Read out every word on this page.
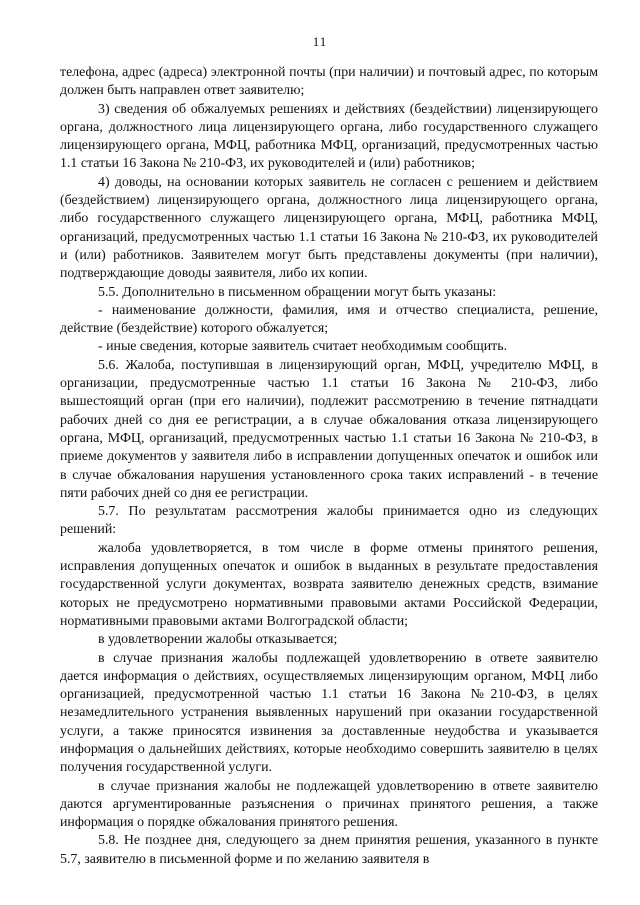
11

телефона, адрес (адреса) электронной почты (при наличии) и почтовый адрес, по которым должен быть направлен ответ заявителю;

3) сведения об обжалуемых решениях и действиях (бездействии) лицензирующего органа, должностного лица лицензирующего органа, либо государственного служащего лицензирующего органа, МФЦ, работника МФЦ, организаций, предусмотренных частью 1.1 статьи 16 Закона № 210-ФЗ, их руководителей и (или) работников;

4) доводы, на основании которых заявитель не согласен с решением и действием (бездействием) лицензирующего органа, должностного лица лицензирующего органа, либо государственного служащего лицензирующего органа, МФЦ, работника МФЦ, организаций, предусмотренных частью 1.1 статьи 16 Закона № 210-ФЗ, их руководителей и (или) работников. Заявителем могут быть представлены документы (при наличии), подтверждающие доводы заявителя, либо их копии.

5.5. Дополнительно в письменном обращении могут быть указаны:

- наименование должности, фамилия, имя и отчество специалиста, решение, действие (бездействие) которого обжалуется;

- иные сведения, которые заявитель считает необходимым сообщить.

5.6. Жалоба, поступившая в лицензирующий орган, МФЦ, учредителю МФЦ, в организации, предусмотренные частью 1.1 статьи 16 Закона № 210-ФЗ, либо вышестоящий орган (при его наличии), подлежит рассмотрению в течение пятнадцати рабочих дней со дня ее регистрации, а в случае обжалования отказа лицензирующего органа, МФЦ, организаций, предусмотренных частью 1.1 статьи 16 Закона № 210-ФЗ, в приеме документов у заявителя либо в исправлении допущенных опечаток и ошибок или в случае обжалования нарушения установленного срока таких исправлений - в течение пяти рабочих дней со дня ее регистрации.

5.7. По результатам рассмотрения жалобы принимается одно из следующих решений:

жалоба удовлетворяется, в том числе в форме отмены принятого решения, исправления допущенных опечаток и ошибок в выданных в результате предоставления государственной услуги документах, возврата заявителю денежных средств, взимание которых не предусмотрено нормативными правовыми актами Российской Федерации, нормативными правовыми актами Волгоградской области;

в удовлетворении жалобы отказывается;

в случае признания жалобы подлежащей удовлетворению в ответе заявителю дается информация о действиях, осуществляемых лицензирующим органом, МФЦ либо организацией, предусмотренной частью 1.1 статьи 16 Закона №210-ФЗ, в целях незамедлительного устранения выявленных нарушений при оказании государственной услуги, а также приносятся извинения за доставленные неудобства и указывается информация о дальнейших действиях, которые необходимо совершить заявителю в целях получения государственной услуги.

в случае признания жалобы не подлежащей удовлетворению в ответе заявителю даются аргументированные разъяснения о причинах принятого решения, а также информация о порядке обжалования принятого решения.

5.8. Не позднее дня, следующего за днем принятия решения, указанного в пункте 5.7, заявителю в письменной форме и по желанию заявителя в
